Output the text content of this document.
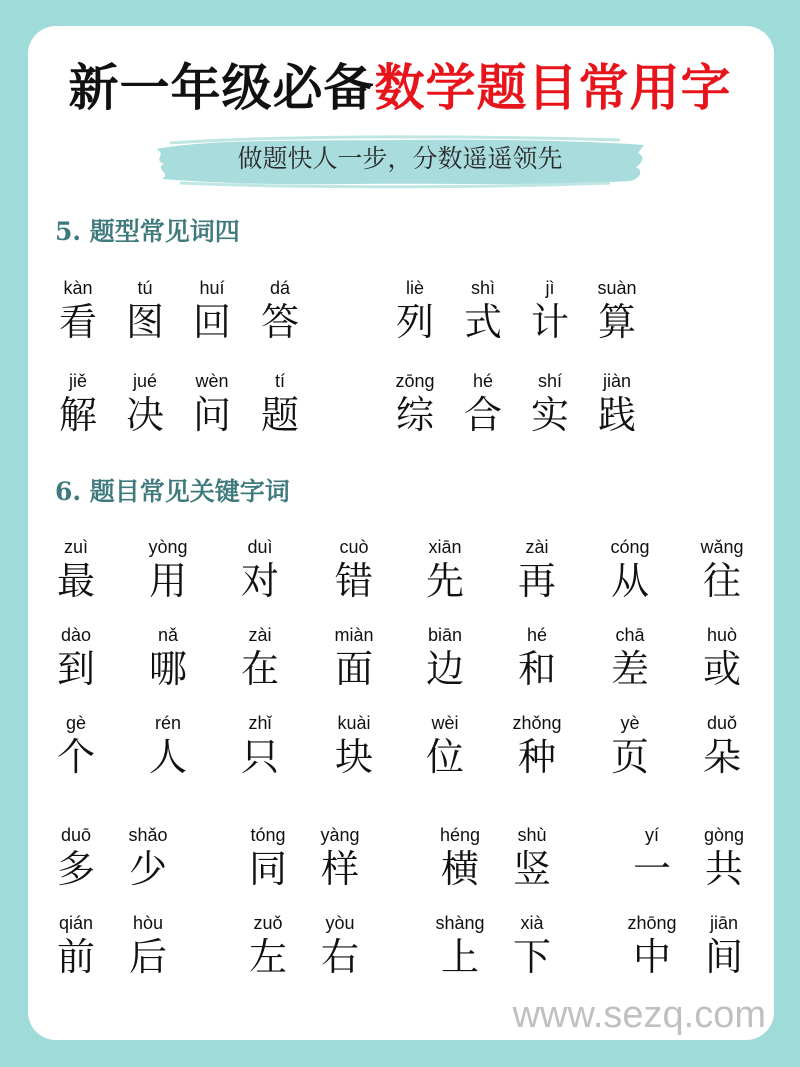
新一年级必备数学题目常用字
做题快人一步，分数遥遥领先
5. 题型常见词四
kàn
看
tú
图
huí
回
dá
答
liè
列
shì
式
jì
计
suàn
算
jiě
解
jué
决
wèn
问
tí
题
zōng
综
hé
合
shí
实
jiàn
践
6. 题目常见关键字词
zuì
最
yòng
用
duì
对
cuò
错
xiān
先
zài
再
cóng
从
wǎng
往
dào
到
nǎ
哪
zài
在
miàn
面
biān
边
hé
和
chā
差
huò
或
gè
个
rén
人
zhǐ
只
kuài
块
wèi
位
zhǒng
种
yè
页
duǒ
朵
duō
多
shǎo
少
tóng
同
yàng
样
héng
横
shù
竖
yí
一
gòng
共
qián
前
hòu
后
zuǒ
左
yòu
右
shàng
上
xià
下
zhōng
中
jiān
间
www.sezq.com
